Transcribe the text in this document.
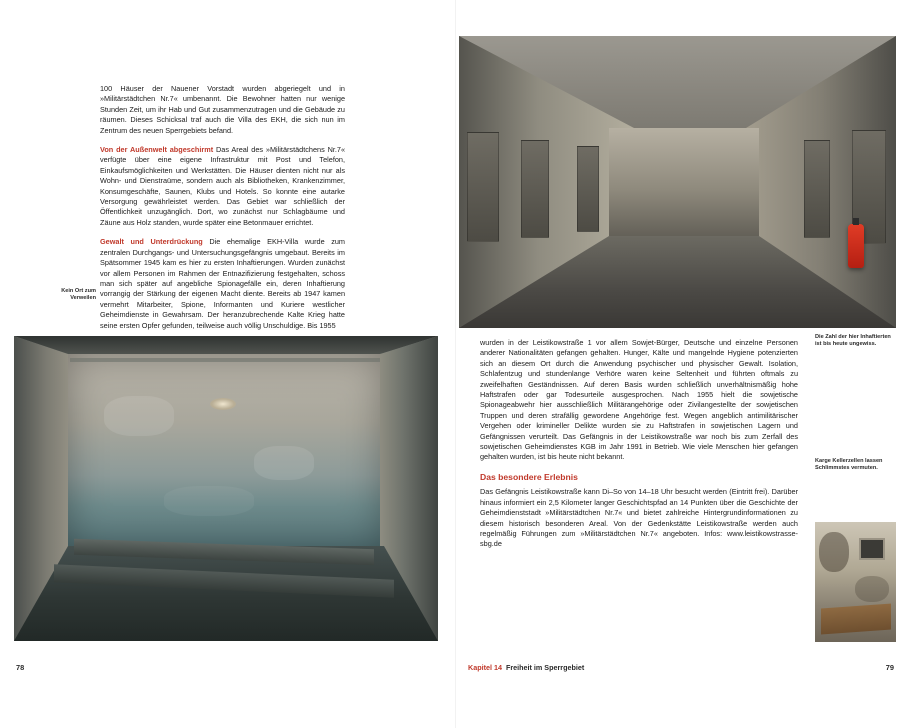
100 Häuser der Nauener Vorstadt wurden abgeriegelt und in »Militärstädtchen Nr.7« umbenannt. Die Bewohner hatten nur wenige Stunden Zeit, um ihr Hab und Gut zusammenzutragen und die Gebäude zu räumen. Dieses Schicksal traf auch die Villa des EKH, die sich nun im Zentrum des neuen Sperrgebiets befand.

Von der Außenwelt abgeschirmt Das Areal des »Militärstädtchens Nr.7« verfügte über eine eigene Infrastruktur mit Post und Telefon, Einkaufsmöglichkeiten und Werkstätten. Die Häuser dienten nicht nur als Wohn- und Dienstraüme, sondern auch als Bibliotheken, Krankenzimmer, Konsumgeschäfte, Saunen, Klubs und Hotels. So konnte eine autarke Versorgung gewährleistet werden. Das Gebiet war schließlich der Öffentlichkeit unzugänglich. Dort, wo zunächst nur Schlagbäume und Zäune aus Holz standen, wurde später eine Betonmauer errichtet.

Gewalt und Unterdrückung Die ehemalige EKH-Villa wurde zum zentralen Durchgangs- und Untersuchungsgefängnis umgebaut. Bereits im Spätsommer 1945 kam es hier zu ersten Inhaftierungen. Wurden zunächst vor allem Personen im Rahmen der Entnazifizierung festgehalten, schoss man sich später auf angebliche Spionagefälle ein, deren Inhaftierung vorrangig der Stärkung der eigenen Macht diente. Bereits ab 1947 kamen vermehrt Mitarbeiter, Spione, Informanten und Kuriere westlicher Geheimdienste in Gewahrsam. Der heranzubrechende Kalte Krieg hatte seine ersten Opfer gefunden, teilweise auch völlig Unschuldige. Bis 1955

Kein Ort zum Verweilen
78
Die Zahl der hier Inhaftierten ist bis heute ungewiss.
Karge Kellerzellen lassen Schlimmstes vermuten.

wurden in der Leistikowstraße 1 vor allem Sowjet-Bürger, Deutsche und einzelne Personen anderer Nationalitäten gefangen gehalten. Hunger, Kälte und mangelnde Hygiene potenzierten sich an diesem Ort durch die Anwendung psychischer und physischer Gewalt. Isolation, Schlafentzug und stundenlange Verhöre waren keine Seltenheit und führten oftmals zu zweifelhaften Geständnissen. Auf deren Basis wurden schließlich unverhältnismäßig hohe Haftstrafen oder gar Todesurteile ausgesprochen. Nach 1955 hielt die sowjetische Spionageabwehr hier ausschließlich Militärangehörige oder Zivilangestellte der sowjetischen Truppen und deren strafällig gewordene Angehörige fest. Wegen angeblich antimilitärischer Vergehen oder krimineller Delikte wurden sie zu Haftstrafen in sowjetischen Lagern und Gefängnissen verurteilt. Das Gefängnis in der Leistikowstraße war noch bis zum Zerfall des sowjetischen Geheimdienstes KGB im Jahr 1991 in Betrieb. Wie viele Menschen hier gefangen gehalten wurden, ist bis heute nicht bekannt.

Das besondere Erlebnis

Das Gefängnis Leistikowstraße kann Di–So von 14–18 Uhr besucht werden (Eintritt frei). Darüber hinaus informiert ein 2,5 Kilometer langer Geschichtspfad an 14 Punkten über die Geschichte der Geheimdienststadt »Militärstädtchen Nr.7« und bietet zahlreiche Hintergrundinformationen zu diesem historisch besonderen Areal. Von der Gedenkstätte Leistikowstraße werden auch regelmäßig Führungen zum »Militärstädtchen Nr.7« angeboten. Infos: www.leistikowstrasse-sbg.de

Kapitel 14 Freiheit im Sperrgebiet	79
